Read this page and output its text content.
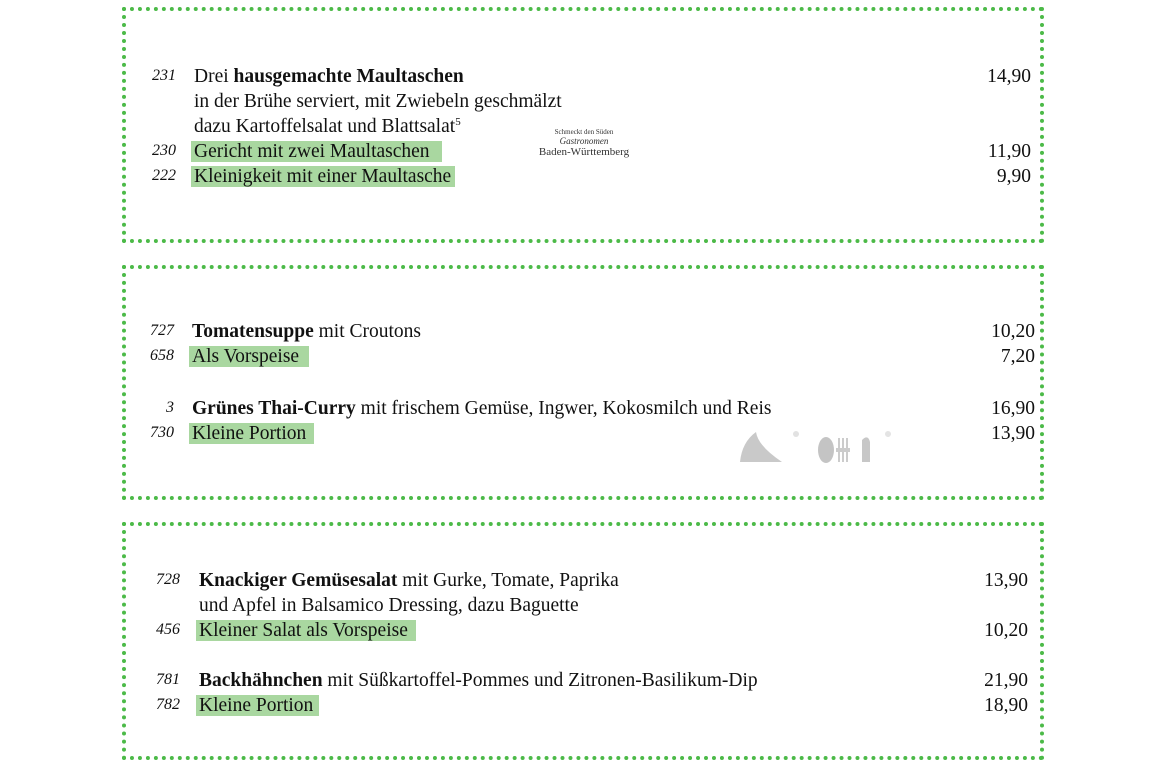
231 Drei hausgemachte Maultaschen	14,90
in der Brühe serviert, mit Zwiebeln geschmälzt
dazu Kartoffelsalat und Blattsalat$^5$
230 Gericht mit zwei Maultaschen	11,90
222 Kleinigkeit mit einer Maultasche	9,90
Schmeckt den Süden
Gastronomen
Baden-Württemberg
727 Tomatensuppe mit Croutons	10,20
658 Als Vorspeise	7,20
3 Grünes Thai-Curry mit frischem Gemüse, Ingwer, Kokosmilch und Reis	16,90
730 Kleine Portion	13,90
728 Knackiger Gemüsesalat mit Gurke, Tomate, Paprika	13,90
und Apfel in Balsamico Dressing, dazu Baguette
456 Kleiner Salat als Vorspeise	10,20
781 Backhähnchen mit Süßkartoffel-Pommes und Zitronen-Basilikum-Dip	21,90
782 Kleine Portion	18,90
